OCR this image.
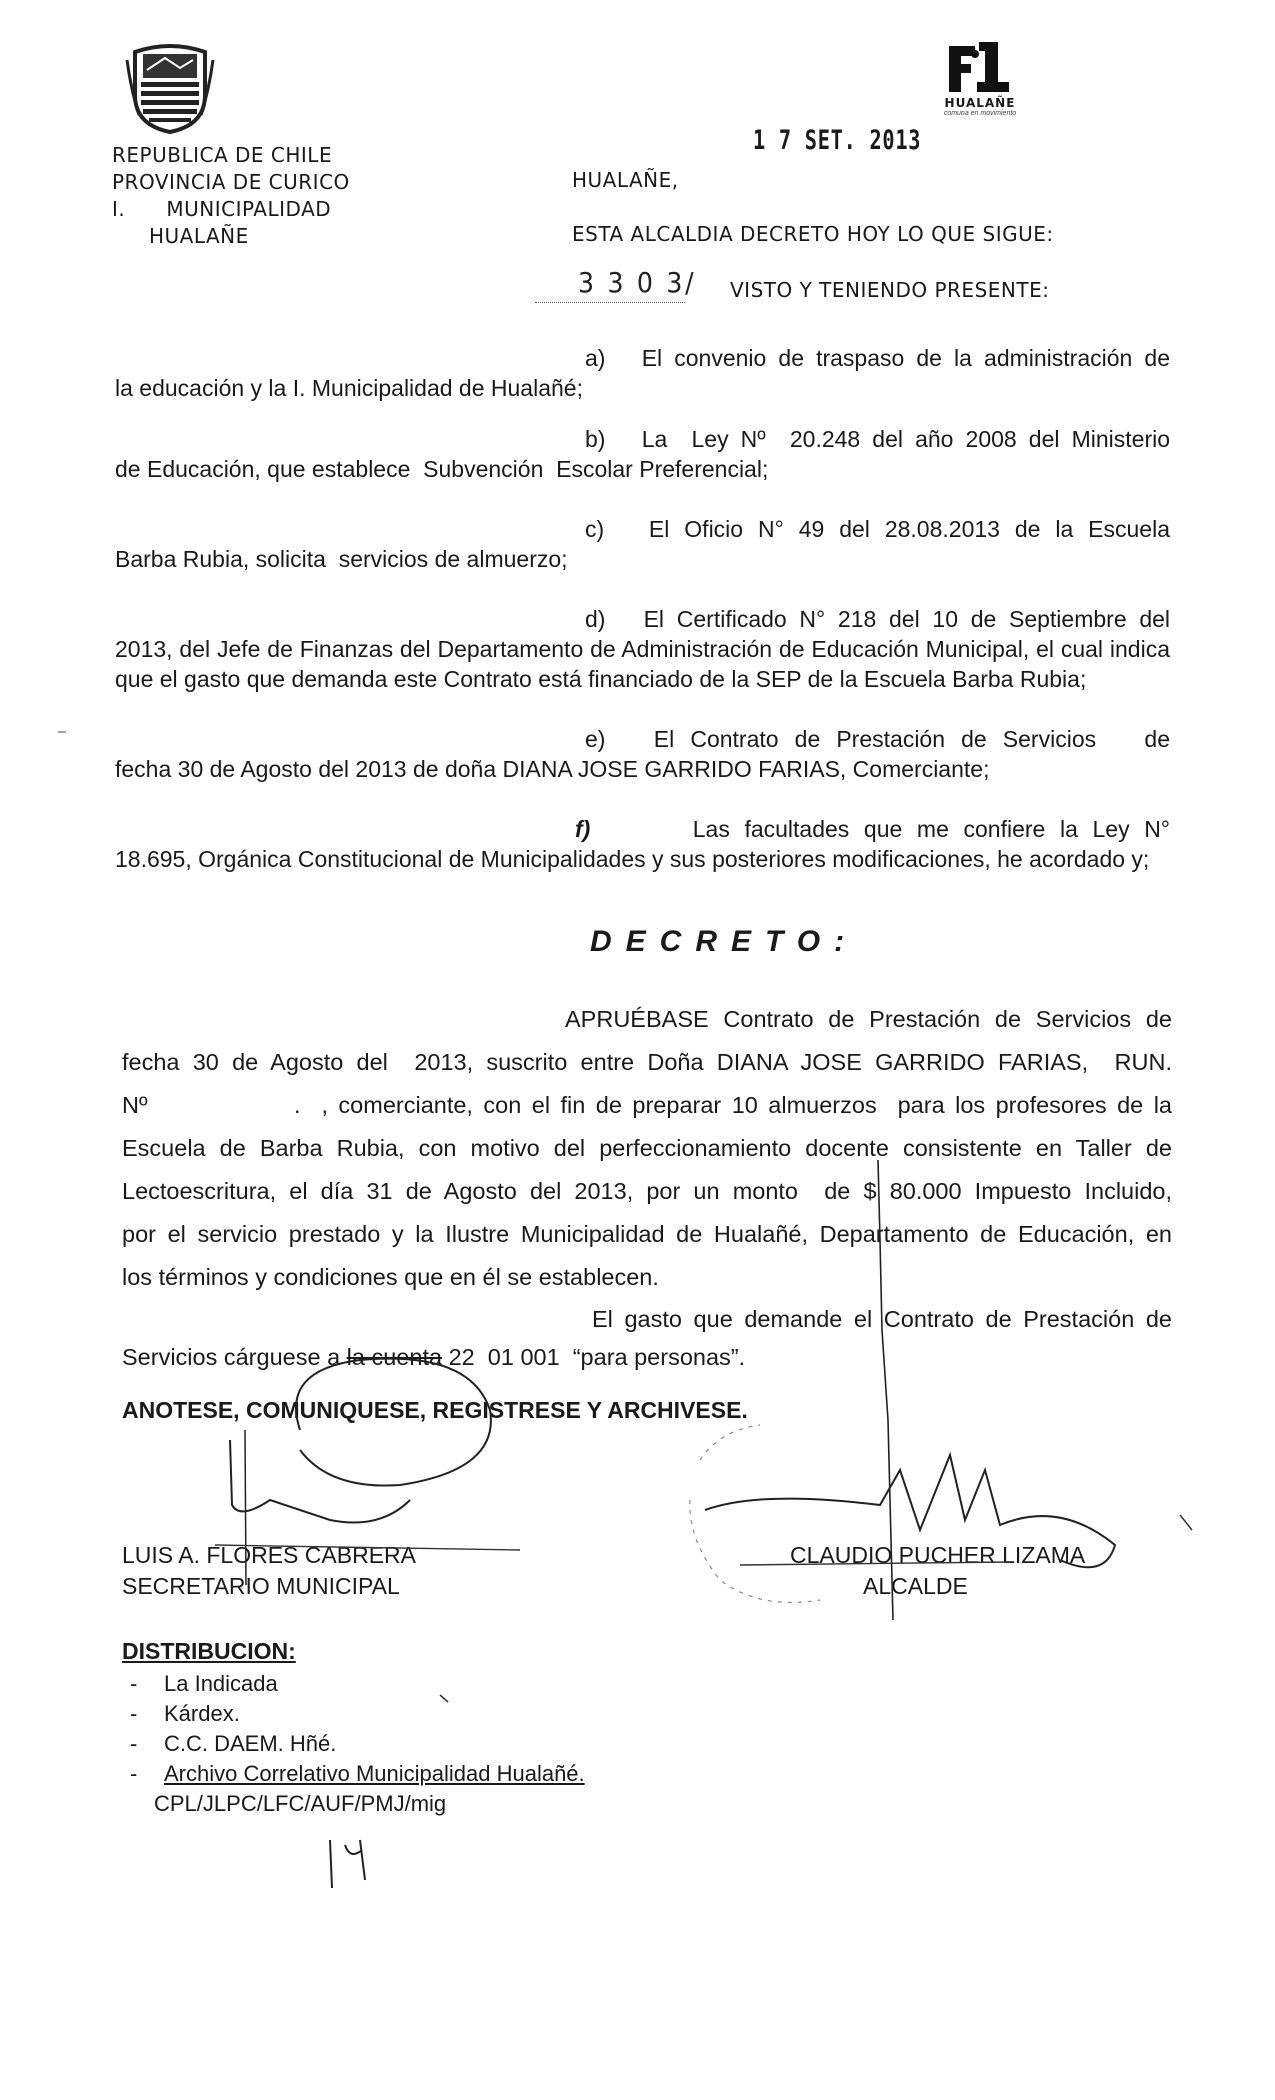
HUALAÑE
comuna en movimiento
REPUBLICA DE CHILE
PROVINCIA DE CURICO
I.      MUNICIPALIDAD
HUALAÑE
1 7 SET. 2013
HUALAÑE,
ESTA ALCALDIA DECRETO HOY LO QUE SIGUE:
3 3 0 3/ VISTO Y TENIENDO PRESENTE:
a) El convenio de traspaso de la administración de
la educación y la I. Municipalidad de Hualañé;
b) La  Ley Nº  20.248 del año 2008 del Ministerio
de Educación, que establece  Subvención  Escolar Preferencial;
c) El Oficio N° 49 del 28.08.2013 de la Escuela
Barba Rubia, solicita  servicios de almuerzo;
d) El Certificado N° 218 del 10 de Septiembre del
2013, del Jefe de Finanzas del Departamento de Administración de Educación Municipal, el cual indica que el gasto que demanda este Contrato está financiado de la SEP de la Escuela Barba Rubia;
e) El Contrato de Prestación de Servicios   de
fecha 30 de Agosto del 2013 de doña DIANA JOSE GARRIDO FARIAS, Comerciante;
f)	Las facultades que me confiere la Ley N°
18.695, Orgánica Constitucional de Municipalidades y sus posteriores modificaciones, he acordado y;
DECRETO:
APRUÉBASE Contrato de Prestación de Servicios de
fecha 30 de Agosto del  2013, suscrito entre Doña DIANA JOSE GARRIDO FARIAS,  RUN.
Nº              .  , comerciante, con el fin de preparar 10 almuerzos  para los profesores de la
Escuela de Barba Rubia, con motivo del perfeccionamiento docente consistente en Taller de
Lectoescritura, el día 31 de Agosto del 2013, por un monto  de $ 80.000 Impuesto Incluido,
por el servicio prestado y la Ilustre Municipalidad de Hualañé, Departamento de Educación, en
los términos y condiciones que en él se establecen.
El gasto que demande el Contrato de Prestación de
Servicios cárguese a la cuenta 22  01 001  “para personas”.
ANOTESE, COMUNIQUESE, REGISTRESE Y ARCHIVESE.
LUIS A. FLORES CABRERA
SECRETARIO MUNICIPAL
CLAUDIO PUCHER LIZAMA
ALCALDE
DISTRIBUCION:
- La Indicada
- Kárdex.
- C.C. DAEM. Hñé.
- Archivo Correlativo Municipalidad Hualañé.
CPL/JLPC/LFC/AUF/PMJ/mig
